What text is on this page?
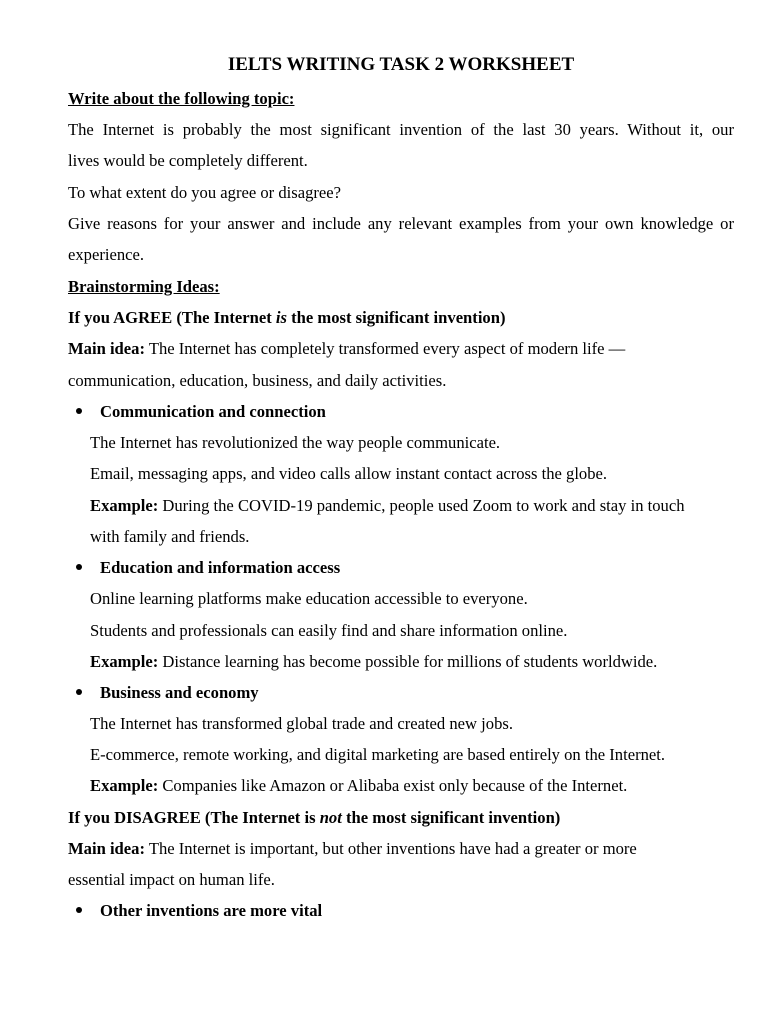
IELTS WRITING TASK 2 WORKSHEET
Write about the following topic:
The Internet is probably the most significant invention of the last 30 years. Without it, our
lives would be completely different.
To what extent do you agree or disagree?
Give reasons for your answer and include any relevant examples from your own knowledge or
experience.
Brainstorming Ideas:
If you AGREE (The Internet is the most significant invention)
Main idea: The Internet has completely transformed every aspect of modern life —
communication, education, business, and daily activities.
Communication and connection
The Internet has revolutionized the way people communicate.
Email, messaging apps, and video calls allow instant contact across the globe.
Example: During the COVID-19 pandemic, people used Zoom to work and stay in touch
with family and friends.
Education and information access
Online learning platforms make education accessible to everyone.
Students and professionals can easily find and share information online.
Example: Distance learning has become possible for millions of students worldwide.
Business and economy
The Internet has transformed global trade and created new jobs.
E-commerce, remote working, and digital marketing are based entirely on the Internet.
Example: Companies like Amazon or Alibaba exist only because of the Internet.
If you DISAGREE (The Internet is not the most significant invention)
Main idea: The Internet is important, but other inventions have had a greater or more
essential impact on human life.
Other inventions are more vital
